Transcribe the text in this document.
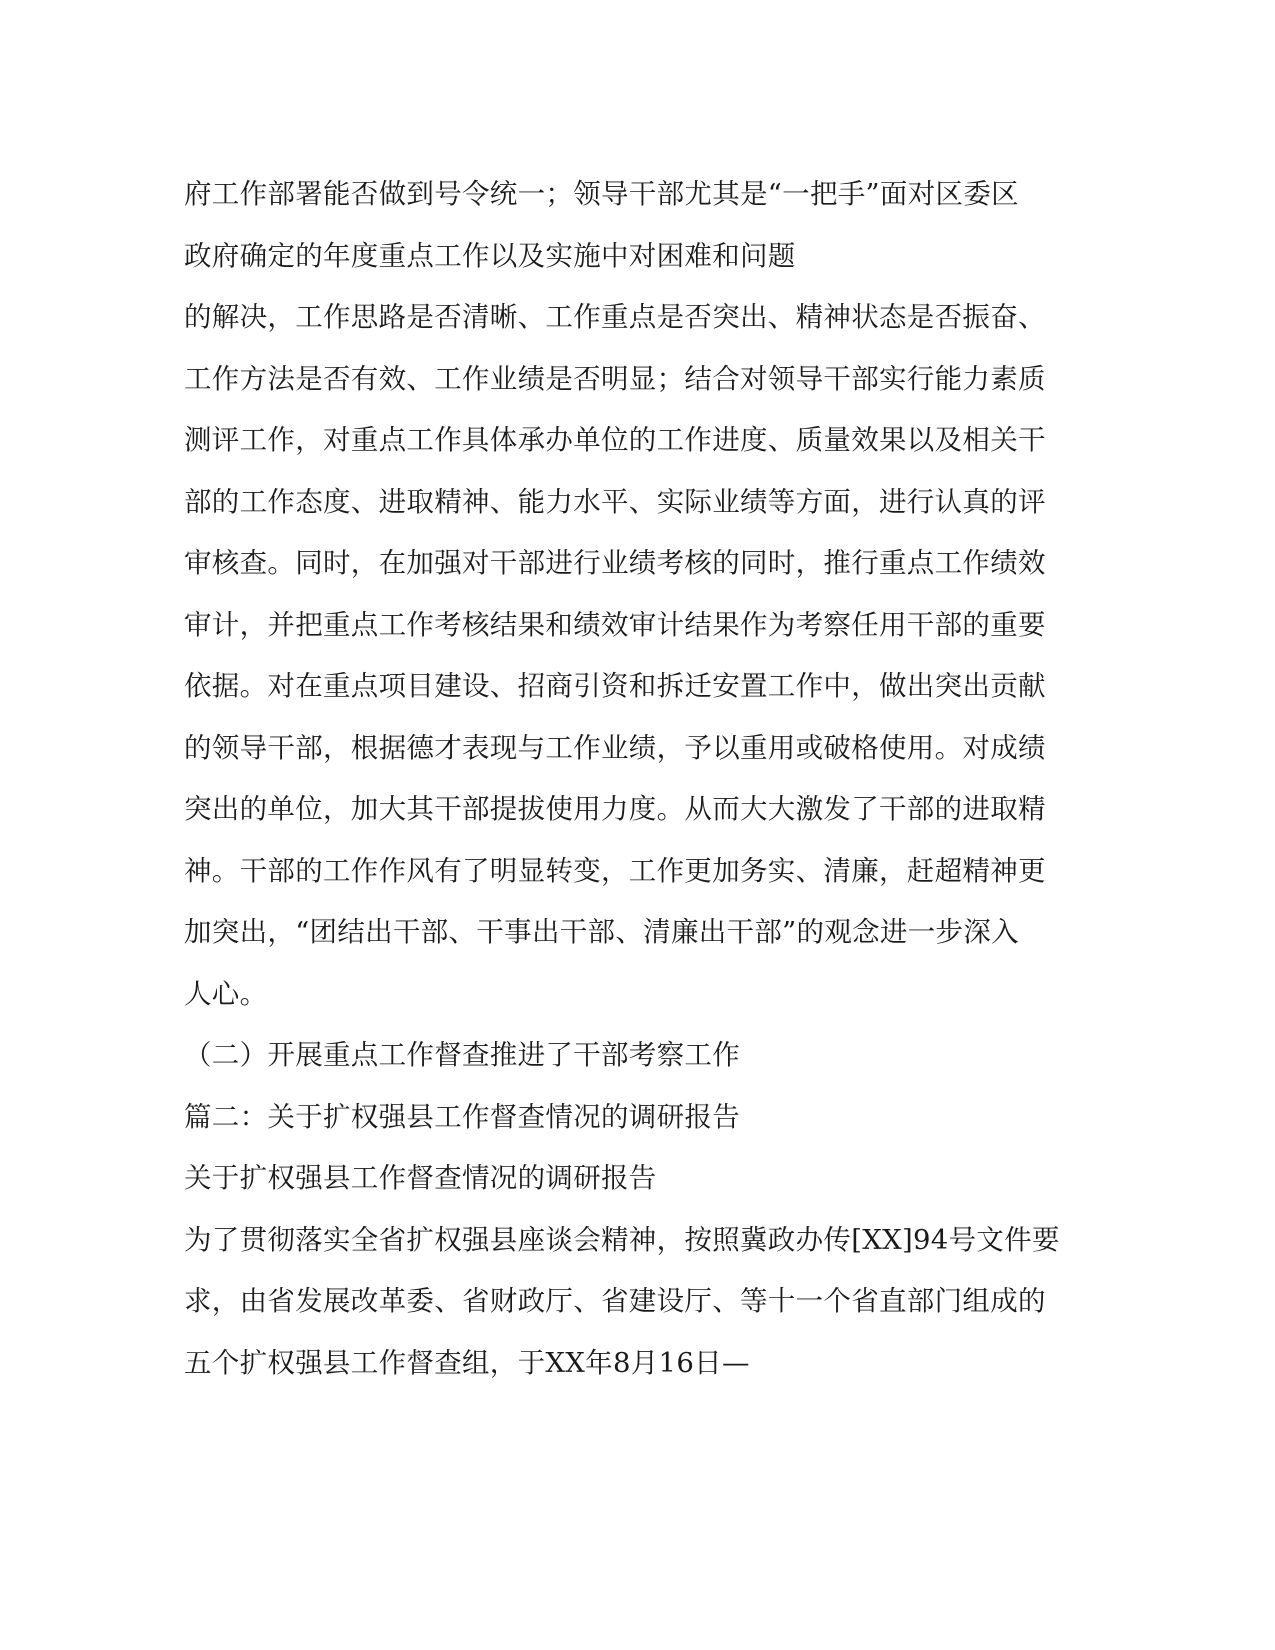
府工作部署能否做到号令统一；领导干部尤其是“一把手”面对区委区
政府确定的年度重点工作以及实施中对困难和问题
的解决，工作思路是否清晰、工作重点是否突出、精神状态是否振奋、
工作方法是否有效、工作业绩是否明显；结合对领导干部实行能力素质
测评工作，对重点工作具体承办单位的工作进度、质量效果以及相关干
部的工作态度、进取精神、能力水平、实际业绩等方面，进行认真的评
审核查。同时，在加强对干部进行业绩考核的同时，推行重点工作绩效
审计，并把重点工作考核结果和绩效审计结果作为考察任用干部的重要
依据。对在重点项目建设、招商引资和拆迁安置工作中，做出突出贡献
的领导干部，根据德才表现与工作业绩，予以重用或破格使用。对成绩
突出的单位，加大其干部提拔使用力度。从而大大激发了干部的进取精
神。干部的工作作风有了明显转变，工作更加务实、清廉，赶超精神更
加突出，“团结出干部、干事出干部、清廉出干部”的观念进一步深入
人心。
（二）开展重点工作督查推进了干部考察工作
篇二：关于扩权强县工作督查情况的调研报告
关于扩权强县工作督查情况的调研报告
为了贯彻落实全省扩权强县座谈会精神，按照冀政办传[XX]94号文件要
求，由省发展改革委、省财政厅、省建设厅、等十一个省直部门组成的
五个扩权强县工作督查组，于XX年8月16日—
